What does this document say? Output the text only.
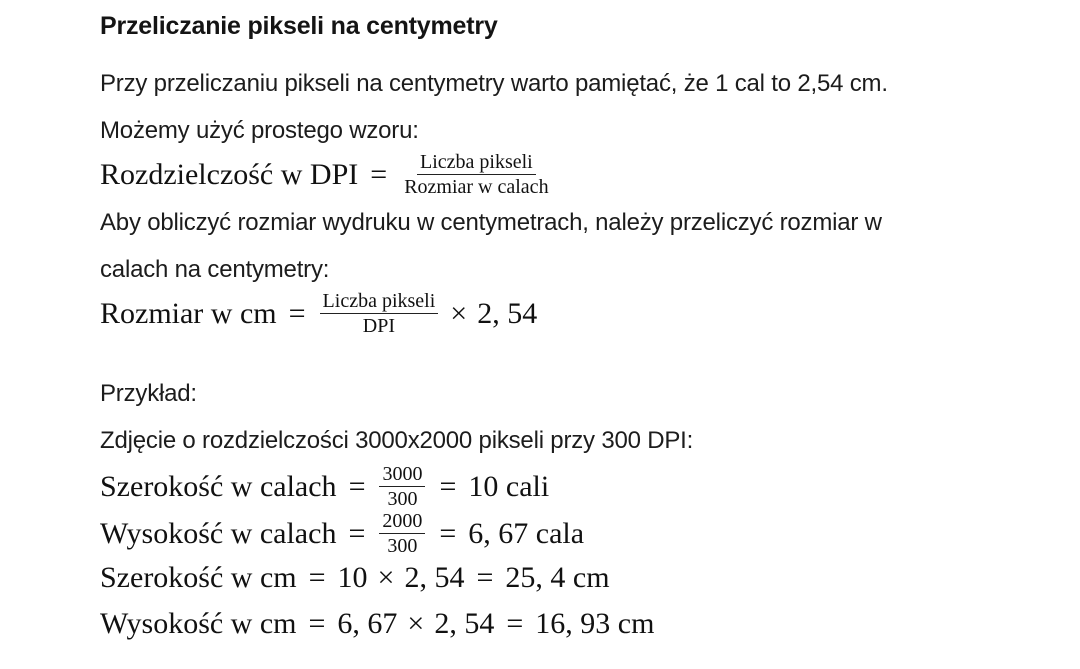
Przeliczanie pikseli na centymetry
Przy przeliczaniu pikseli na centymetry warto pamiętać, że 1 cal to 2,54 cm.
Możemy użyć prostego wzoru:
Rozdzielczość w DPI = $\frac{\text{Liczba pikseli}}{\text{Rozmiar w calach}}$
Aby obliczyć rozmiar wydruku w centymetrach, należy przeliczyć rozmiar w
calach na centymetry:
Rozmiar w cm = $\frac{\text{Liczba pikseli}}{\text{DPI}} \times 2$, 54
Przykład:
Zdjęcie o rozdzielczości 3000x2000 pikseli przy 300 DPI:
Szerokość w calach = $\frac{3000}{300} = 10$ cali
Wysokość w calach = $\frac{2000}{300} = 6$, 67 cala
Szerokość w cm = 10 × 2, 54 = 25, 4 cm
Wysokość w cm = 6, 67 × 2, 54 = 16, 93 cm
